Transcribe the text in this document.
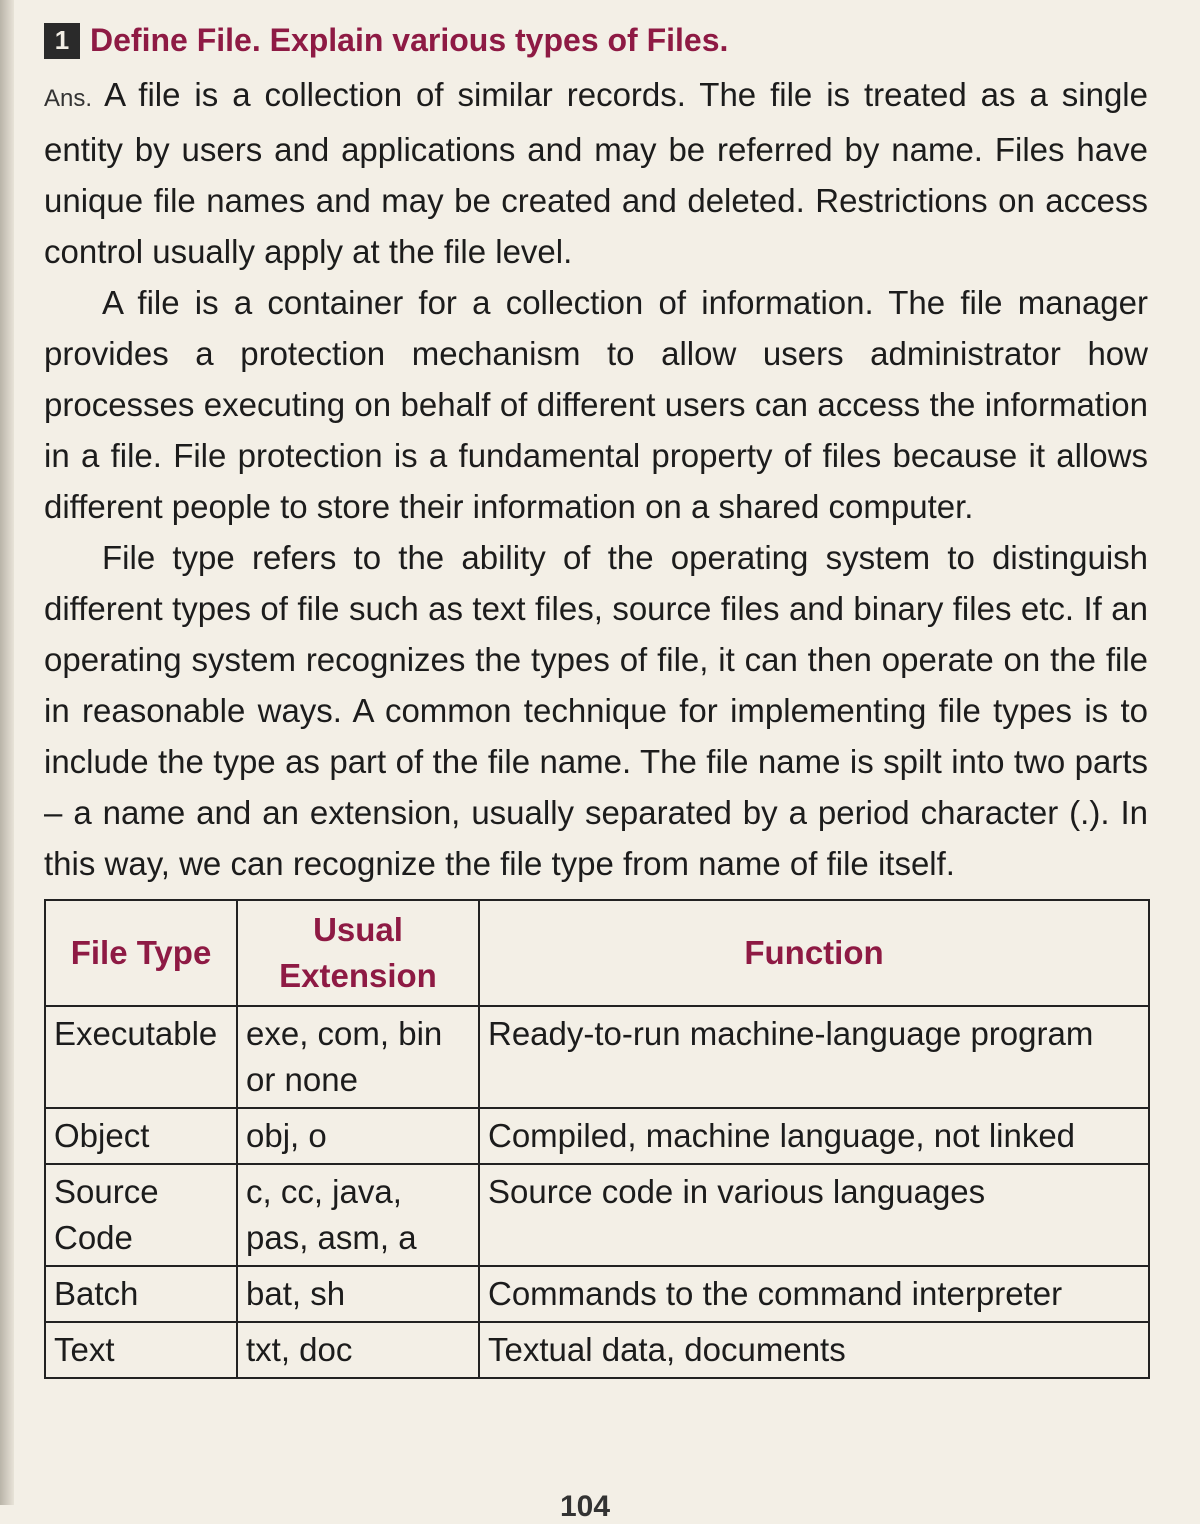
1 Define File. Explain various types of Files.

Ans. A file is a collection of similar records. The file is treated as a single entity by users and applications and may be referred by name. Files have unique file names and may be created and deleted. Restrictions on access control usually apply at the file level.

A file is a container for a collection of information. The file manager provides a protection mechanism to allow users administrator how processes executing on behalf of different users can access the information in a file. File protection is a fundamental property of files because it allows different people to store their information on a shared computer.

File type refers to the ability of the operating system to distinguish different types of file such as text files, source files and binary files etc. If an operating system recognizes the types of file, it can then operate on the file in reasonable ways. A common technique for implementing file types is to include the type as part of the file name. The file name is spilt into two parts – a name and an extension, usually separated by a period character (.). In this way, we can recognize the file type from name of file itself.

File Type	Usual Extension	Function
Executable	exe, com, bin or none	Ready-to-run machine-language program
Object	obj, o	Compiled, machine language, not linked
Source Code	c, cc, java, pas, asm, a	Source code in various languages
Batch	bat, sh	Commands to the command interpreter
Text	txt, doc	Textual data, documents
104
